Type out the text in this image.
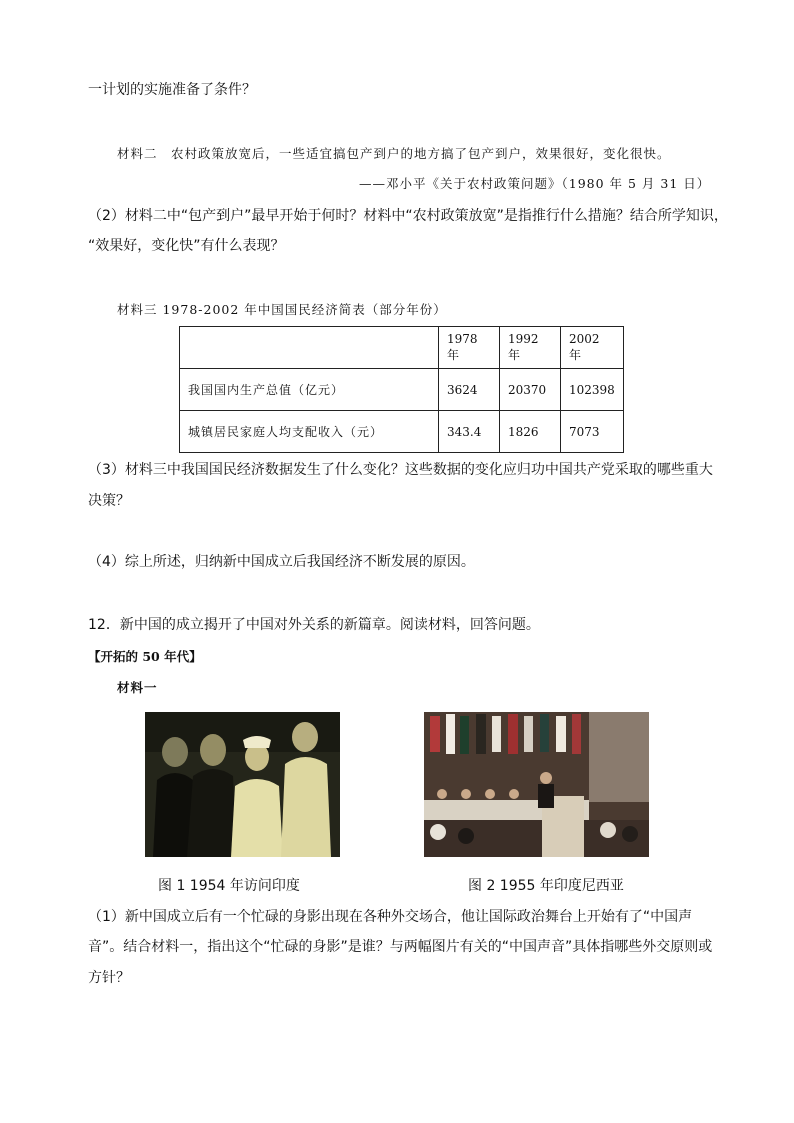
一计划的实施准备了条件？
材料二　农村政策放宽后，一些适宜搞包产到户的地方搞了包产到户，效果很好，变化很快。
——邓小平《关于农村政策问题》（1980 年 5 月 31 日）
（2）材料二中“包产到户”最早开始于何时？材料中“农村政策放宽”是指推行什么措施？结合所学知识，
“效果好，变化快”有什么表现？
材料三 1978-2002 年中国国民经济简表（部分年份）
	1978 年	1992 年	2002 年
我国国内生产总值（亿元）	3624	20370	102398
城镇居民家庭人均支配收入（元）	343.4	1826	7073
（3）材料三中我国国民经济数据发生了什么变化？这些数据的变化应归功中国共产党采取的哪些重大
决策？
（4）综上所述，归纳新中国成立后我国经济不断发展的原因。
12．新中国的成立揭开了中国对外关系的新篇章。阅读材料，回答问题。
【开拓的 50 年代】
材料一
图 1 1954 年访问印度	图 2 1955 年印度尼西亚
（1）新中国成立后有一个忙碌的身影出现在各种外交场合，他让国际政治舞台上开始有了“中国声
音”。结合材料一，指出这个“忙碌的身影”是谁？与两幅图片有关的“中国声音”具体指哪些外交原则或
方针？
